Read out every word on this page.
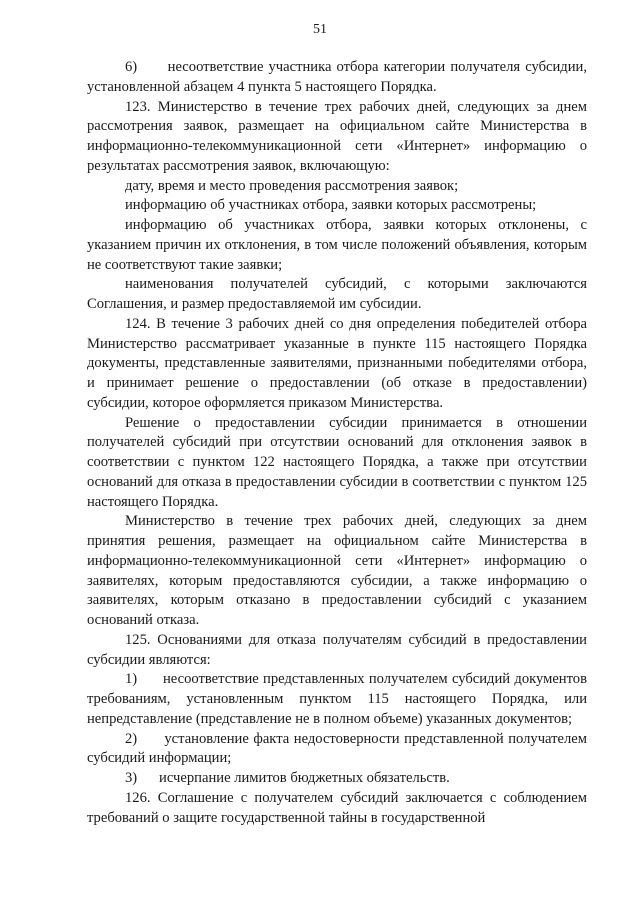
51

6)      несоответствие участника отбора категории получателя субсидии, установленной абзацем 4 пункта 5 настоящего Порядка.

123. Министерство в течение трех рабочих дней, следующих за днем рассмотрения заявок, размещает на официальном сайте Министерства в информационно-телекоммуникационной сети «Интернет» информацию о результатах рассмотрения заявок, включающую:

дату, время и место проведения рассмотрения заявок;

информацию об участниках отбора, заявки которых рассмотрены;

информацию об участниках отбора, заявки которых отклонены, с указанием причин их отклонения, в том числе положений объявления, которым не соответствуют такие заявки;

наименования получателей субсидий, с которыми заключаются Соглашения, и размер предоставляемой им субсидии.

124. В течение 3 рабочих дней со дня определения победителей отбора Министерство рассматривает указанные в пункте 115 настоящего Порядка документы, представленные заявителями, признанными победителями отбора, и принимает решение о предоставлении (об отказе в предоставлении) субсидии, которое оформляется приказом Министерства.

Решение о предоставлении субсидии принимается в отношении получателей субсидий при отсутствии оснований для отклонения заявок в соответствии с пунктом 122 настоящего Порядка, а также при отсутствии оснований для отказа в предоставлении субсидии в соответствии с пунктом 125 настоящего Порядка.

Министерство в течение трех рабочих дней, следующих за днем принятия решения, размещает на официальном сайте Министерства в информационно-телекоммуникационной сети «Интернет» информацию о заявителях, которым предоставляются субсидии, а также информацию о заявителях, которым отказано в предоставлении субсидий с указанием оснований отказа.

125. Основаниями для отказа получателям субсидий в предоставлении субсидии являются:

1)      несоответствие представленных получателем субсидий документов требованиям, установленным пунктом 115 настоящего Порядка, или непредставление (представление не в полном объеме) указанных документов;

2)      установление факта недостоверности представленной получателем субсидий информации;

3)      исчерпание лимитов бюджетных обязательств.

126. Соглашение с получателем субсидий заключается с соблюдением требований о защите государственной тайны в государственной
